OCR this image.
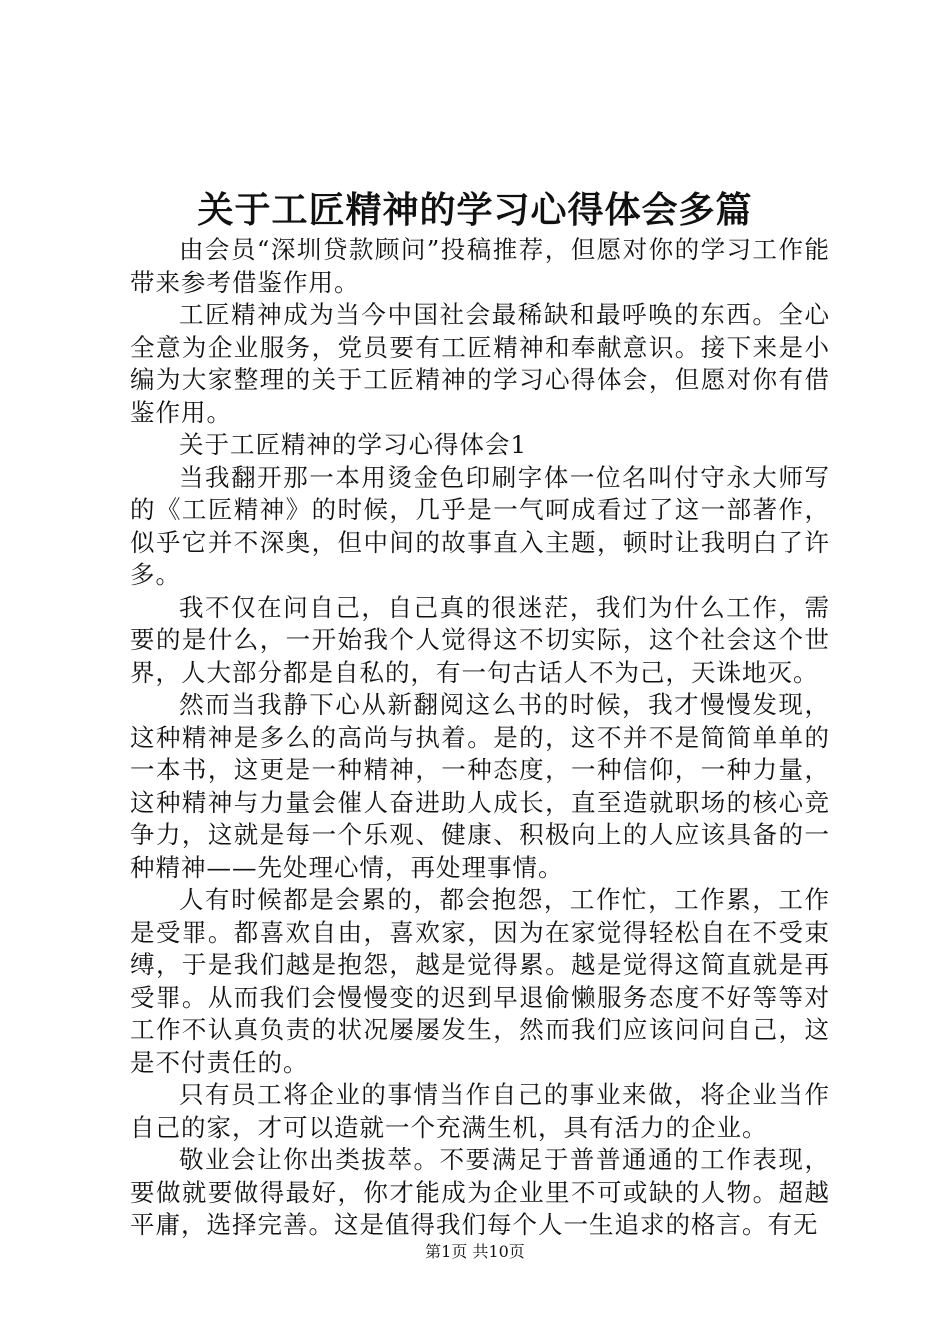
关于工匠精神的学习心得体会多篇

由会员“深圳贷款顾问”投稿推荐，但愿对你的学习工作能带来参考借鉴作用。

工匠精神成为当今中国社会最稀缺和最呼唤的东西。全心全意为企业服务，党员要有工匠精神和奉献意识。接下来是小编为大家整理的关于工匠精神的学习心得体会，但愿对你有借鉴作用。

关于工匠精神的学习心得体会1

当我翻开那一本用烫金色印刷字体一位名叫付守永大师写的《工匠精神》的时候，几乎是一气呵成看过了这一部著作，似乎它并不深奥，但中间的故事直入主题，顿时让我明白了许多。

我不仅在问自己，自己真的很迷茫，我们为什么工作，需要的是什么，一开始我个人觉得这不切实际，这个社会这个世界，人大部分都是自私的，有一句古话人不为己，天诛地灭。

然而当我静下心从新翻阅这么书的时候，我才慢慢发现，这种精神是多么的高尚与执着。是的，这不并不是简简单单的一本书，这更是一种精神，一种态度，一种信仰，一种力量，这种精神与力量会催人奋进助人成长，直至造就职场的核心竞争力，这就是每一个乐观、健康、积极向上的人应该具备的一种精神——先处理心情，再处理事情。

人有时候都是会累的，都会抱怨，工作忙，工作累，工作是受罪。都喜欢自由，喜欢家，因为在家觉得轻松自在不受束缚，于是我们越是抱怨，越是觉得累。越是觉得这简直就是再受罪。从而我们会慢慢变的迟到早退偷懒服务态度不好等等对工作不认真负责的状况屡屡发生，然而我们应该问问自己，这是不付责任的。

只有员工将企业的事情当作自己的事业来做，将企业当作自己的家，才可以造就一个充满生机，具有活力的企业。

敬业会让你出类拔萃。不要满足于普普通通的工作表现，要做就要做得最好，你才能成为企业里不可或缺的人物。超越平庸，选择完善。这是值得我们每个人一生追求的格言。有无

第1页 共10页
